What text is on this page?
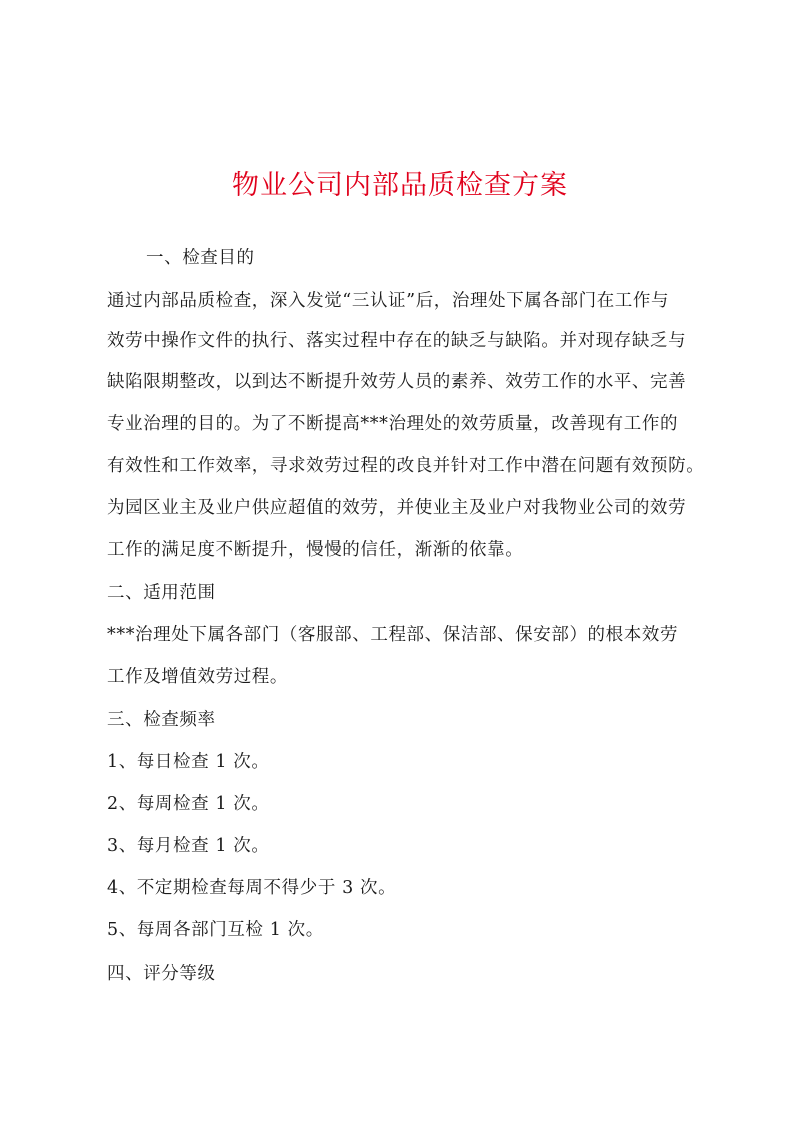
物业公司内部品质检查方案
一、检查目的
通过内部品质检查，深入发觉“三认证”后，治理处下属各部门在工作与
效劳中操作文件的执行、落实过程中存在的缺乏与缺陷。并对现存缺乏与
缺陷限期整改，以到达不断提升效劳人员的素养、效劳工作的水平、完善
专业治理的目的。为了不断提高***治理处的效劳质量，改善现有工作的
有效性和工作效率，寻求效劳过程的改良并针对工作中潜在问题有效预防。
为园区业主及业户供应超值的效劳，并使业主及业户对我物业公司的效劳
工作的满足度不断提升，慢慢的信任，渐渐的依靠。
二、适用范围
***治理处下属各部门（客服部、工程部、保洁部、保安部）的根本效劳
工作及增值效劳过程。
三、检查频率
1、每日检查 1 次。
2、每周检查 1 次。
3、每月检查 1 次。
4、不定期检查每周不得少于 3 次。
5、每周各部门互检 1 次。
四、评分等级
